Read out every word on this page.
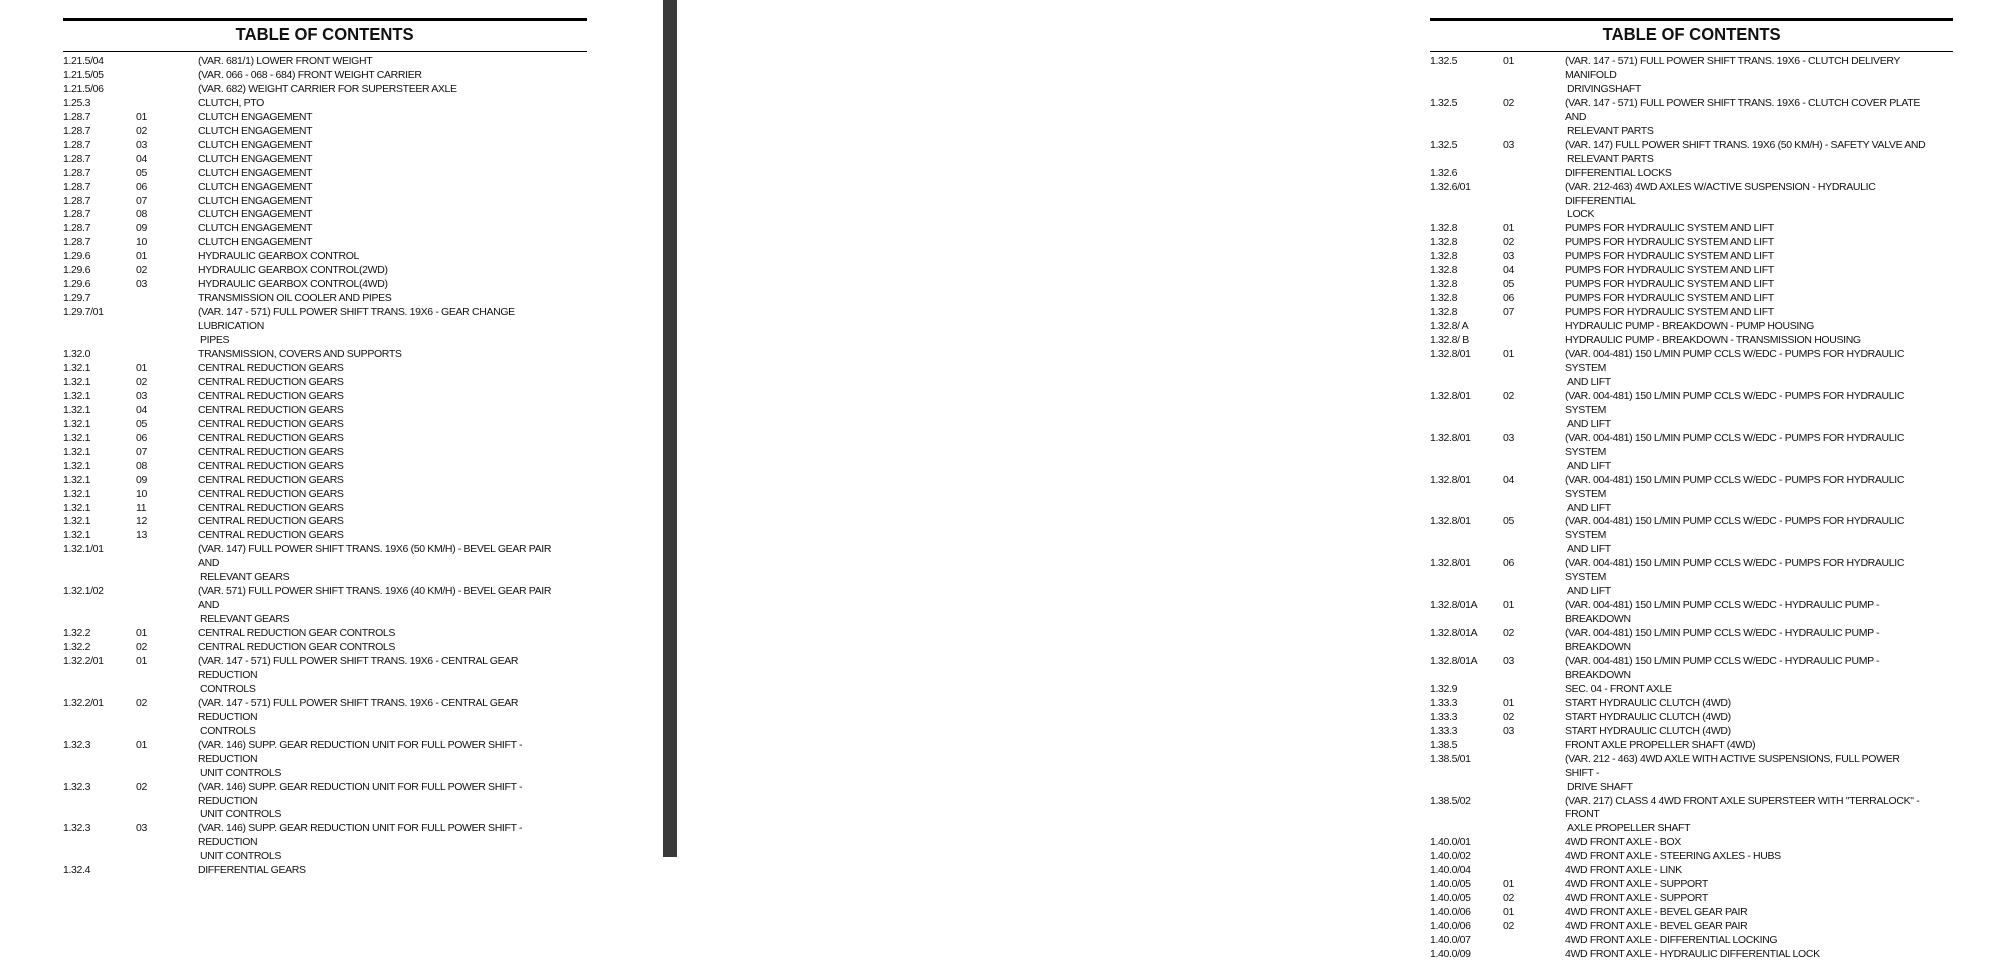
TABLE OF CONTENTS
1.21.5/04	(VAR. 681/1) LOWER FRONT WEIGHT
1.21.5/05	(VAR. 066 - 068 - 684) FRONT WEIGHT CARRIER
1.21.5/06	(VAR. 682) WEIGHT CARRIER FOR SUPERSTEER AXLE
1.25.3	CLUTCH, PTO
1.28.7	01	CLUTCH ENGAGEMENT
1.28.7	02	CLUTCH ENGAGEMENT
1.28.7	03	CLUTCH ENGAGEMENT
1.28.7	04	CLUTCH ENGAGEMENT
1.28.7	05	CLUTCH ENGAGEMENT
1.28.7	06	CLUTCH ENGAGEMENT
1.28.7	07	CLUTCH ENGAGEMENT
1.28.7	08	CLUTCH ENGAGEMENT
1.28.7	09	CLUTCH ENGAGEMENT
1.28.7	10	CLUTCH ENGAGEMENT
1.29.6	01	HYDRAULIC GEARBOX CONTROL
1.29.6	02	HYDRAULIC GEARBOX CONTROL(2WD)
1.29.6	03	HYDRAULIC GEARBOX CONTROL(4WD)
1.29.7	TRANSMISSION OIL COOLER AND PIPES
1.29.7/01	(VAR. 147 - 571) FULL POWER SHIFT TRANS. 19X6 - GEAR CHANGE LUBRICATION
PIPES
1.32.0	TRANSMISSION, COVERS AND SUPPORTS
1.32.1	01	CENTRAL REDUCTION GEARS
1.32.1	02	CENTRAL REDUCTION GEARS
1.32.1	03	CENTRAL REDUCTION GEARS
1.32.1	04	CENTRAL REDUCTION GEARS
1.32.1	05	CENTRAL REDUCTION GEARS
1.32.1	06	CENTRAL REDUCTION GEARS
1.32.1	07	CENTRAL REDUCTION GEARS
1.32.1	08	CENTRAL REDUCTION GEARS
1.32.1	09	CENTRAL REDUCTION GEARS
1.32.1	10	CENTRAL REDUCTION GEARS
1.32.1	11	CENTRAL REDUCTION GEARS
1.32.1	12	CENTRAL REDUCTION GEARS
1.32.1	13	CENTRAL REDUCTION GEARS
1.32.1/01	(VAR. 147) FULL POWER SHIFT TRANS. 19X6 (50 KM/H) - BEVEL GEAR PAIR AND
RELEVANT GEARS
1.32.1/02	(VAR. 571) FULL POWER SHIFT TRANS. 19X6 (40 KM/H) - BEVEL GEAR PAIR AND
RELEVANT GEARS
1.32.2	01	CENTRAL REDUCTION GEAR CONTROLS
1.32.2	02	CENTRAL REDUCTION GEAR CONTROLS
1.32.2/01	01	(VAR. 147 - 571) FULL POWER SHIFT TRANS. 19X6 - CENTRAL GEAR REDUCTION
CONTROLS
1.32.2/01	02	(VAR. 147 - 571) FULL POWER SHIFT TRANS. 19X6 - CENTRAL GEAR REDUCTION
CONTROLS
1.32.3	01	(VAR. 146) SUPP. GEAR REDUCTION UNIT FOR FULL POWER SHIFT - REDUCTION
UNIT CONTROLS
1.32.3	02	(VAR. 146) SUPP. GEAR REDUCTION UNIT FOR FULL POWER SHIFT - REDUCTION
UNIT CONTROLS
1.32.3	03	(VAR. 146) SUPP. GEAR REDUCTION UNIT FOR FULL POWER SHIFT - REDUCTION
UNIT CONTROLS
1.32.4	DIFFERENTIAL GEARS
TABLE OF CONTENTS
1.32.5	01	(VAR. 147 - 571) FULL POWER SHIFT TRANS. 19X6 - CLUTCH DELIVERY MANIFOLD
DRIVINGSHAFT
1.32.5	02	(VAR. 147 - 571) FULL POWER SHIFT TRANS. 19X6 - CLUTCH COVER PLATE AND
RELEVANT PARTS
1.32.5	03	(VAR. 147) FULL POWER SHIFT TRANS. 19X6 (50 KM/H) - SAFETY VALVE AND
RELEVANT PARTS
1.32.6	DIFFERENTIAL LOCKS
1.32.6/01	(VAR. 212-463) 4WD AXLES W/ACTIVE SUSPENSION - HYDRAULIC DIFFERENTIAL
LOCK
1.32.8	01	PUMPS FOR HYDRAULIC SYSTEM AND LIFT
1.32.8	02	PUMPS FOR HYDRAULIC SYSTEM AND LIFT
1.32.8	03	PUMPS FOR HYDRAULIC SYSTEM AND LIFT
1.32.8	04	PUMPS FOR HYDRAULIC SYSTEM AND LIFT
1.32.8	05	PUMPS FOR HYDRAULIC SYSTEM AND LIFT
1.32.8	06	PUMPS FOR HYDRAULIC SYSTEM AND LIFT
1.32.8	07	PUMPS FOR HYDRAULIC SYSTEM AND LIFT
1.32.8/ A	HYDRAULIC PUMP - BREAKDOWN - PUMP HOUSING
1.32.8/ B	HYDRAULIC PUMP - BREAKDOWN - TRANSMISSION HOUSING
1.32.8/01	01	(VAR. 004-481) 150 L/MIN PUMP CCLS W/EDC - PUMPS FOR HYDRAULIC SYSTEM
AND LIFT
1.32.8/01	02	(VAR. 004-481) 150 L/MIN PUMP CCLS W/EDC - PUMPS FOR HYDRAULIC SYSTEM
AND LIFT
1.32.8/01	03	(VAR. 004-481) 150 L/MIN PUMP CCLS W/EDC - PUMPS FOR HYDRAULIC SYSTEM
AND LIFT
1.32.8/01	04	(VAR. 004-481) 150 L/MIN PUMP CCLS W/EDC - PUMPS FOR HYDRAULIC SYSTEM
AND LIFT
1.32.8/01	05	(VAR. 004-481) 150 L/MIN PUMP CCLS W/EDC - PUMPS FOR HYDRAULIC SYSTEM
AND LIFT
1.32.8/01	06	(VAR. 004-481) 150 L/MIN PUMP CCLS W/EDC - PUMPS FOR HYDRAULIC SYSTEM
AND LIFT
1.32.8/01A	01	(VAR. 004-481) 150 L/MIN PUMP CCLS W/EDC - HYDRAULIC PUMP - BREAKDOWN
1.32.8/01A	02	(VAR. 004-481) 150 L/MIN PUMP CCLS W/EDC - HYDRAULIC PUMP - BREAKDOWN
1.32.8/01A	03	(VAR. 004-481) 150 L/MIN PUMP CCLS W/EDC - HYDRAULIC PUMP - BREAKDOWN
1.32.9	SEC. 04 - FRONT AXLE
1.33.3	01	START HYDRAULIC CLUTCH (4WD)
1.33.3	02	START HYDRAULIC CLUTCH (4WD)
1.33.3	03	START HYDRAULIC CLUTCH (4WD)
1.38.5	FRONT AXLE PROPELLER SHAFT (4WD)
1.38.5/01	(VAR. 212 - 463) 4WD AXLE WITH ACTIVE SUSPENSIONS, FULL POWER SHIFT -
DRIVE SHAFT
1.38.5/02	(VAR. 217) CLASS 4 4WD FRONT AXLE SUPERSTEER WITH "TERRALOCK" - FRONT
AXLE PROPELLER SHAFT
1.40.0/01	4WD FRONT AXLE - BOX
1.40.0/02	4WD FRONT AXLE - STEERING AXLES - HUBS
1.40.0/04	4WD FRONT AXLE - LINK
1.40.0/05	01	4WD FRONT AXLE - SUPPORT
1.40.0/05	02	4WD FRONT AXLE - SUPPORT
1.40.0/06	01	4WD FRONT AXLE - BEVEL GEAR PAIR
1.40.0/06	02	4WD FRONT AXLE - BEVEL GEAR PAIR
1.40.0/07	4WD FRONT AXLE - DIFFERENTIAL LOCKING
1.40.0/09	4WD FRONT AXLE - HYDRAULIC DIFFERENTIAL LOCK
